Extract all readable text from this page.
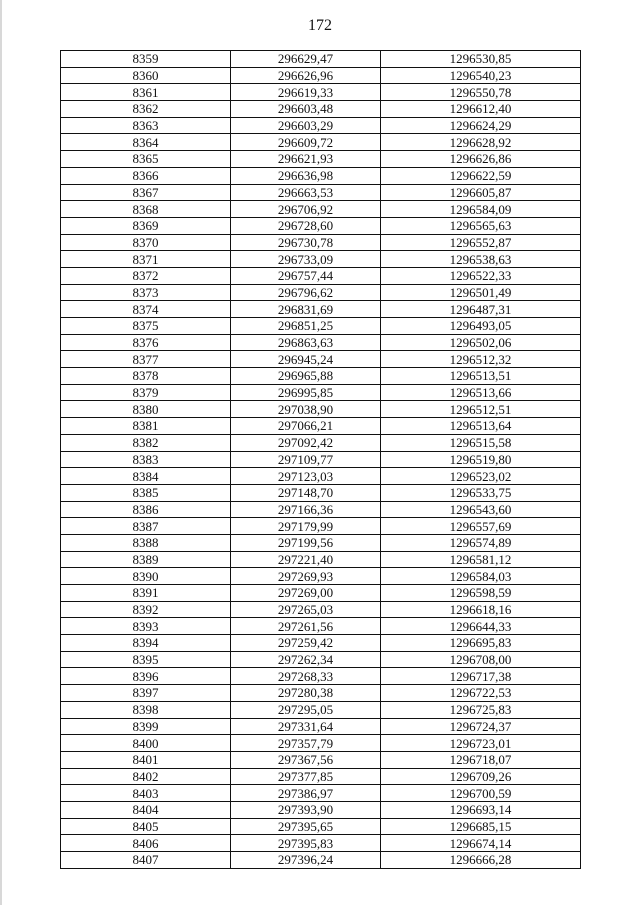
172
8359	296629,47	1296530,85
8360	296626,96	1296540,23
8361	296619,33	1296550,78
8362	296603,48	1296612,40
8363	296603,29	1296624,29
8364	296609,72	1296628,92
8365	296621,93	1296626,86
8366	296636,98	1296622,59
8367	296663,53	1296605,87
8368	296706,92	1296584,09
8369	296728,60	1296565,63
8370	296730,78	1296552,87
8371	296733,09	1296538,63
8372	296757,44	1296522,33
8373	296796,62	1296501,49
8374	296831,69	1296487,31
8375	296851,25	1296493,05
8376	296863,63	1296502,06
8377	296945,24	1296512,32
8378	296965,88	1296513,51
8379	296995,85	1296513,66
8380	297038,90	1296512,51
8381	297066,21	1296513,64
8382	297092,42	1296515,58
8383	297109,77	1296519,80
8384	297123,03	1296523,02
8385	297148,70	1296533,75
8386	297166,36	1296543,60
8387	297179,99	1296557,69
8388	297199,56	1296574,89
8389	297221,40	1296581,12
8390	297269,93	1296584,03
8391	297269,00	1296598,59
8392	297265,03	1296618,16
8393	297261,56	1296644,33
8394	297259,42	1296695,83
8395	297262,34	1296708,00
8396	297268,33	1296717,38
8397	297280,38	1296722,53
8398	297295,05	1296725,83
8399	297331,64	1296724,37
8400	297357,79	1296723,01
8401	297367,56	1296718,07
8402	297377,85	1296709,26
8403	297386,97	1296700,59
8404	297393,90	1296693,14
8405	297395,65	1296685,15
8406	297395,83	1296674,14
8407	297396,24	1296666,28
